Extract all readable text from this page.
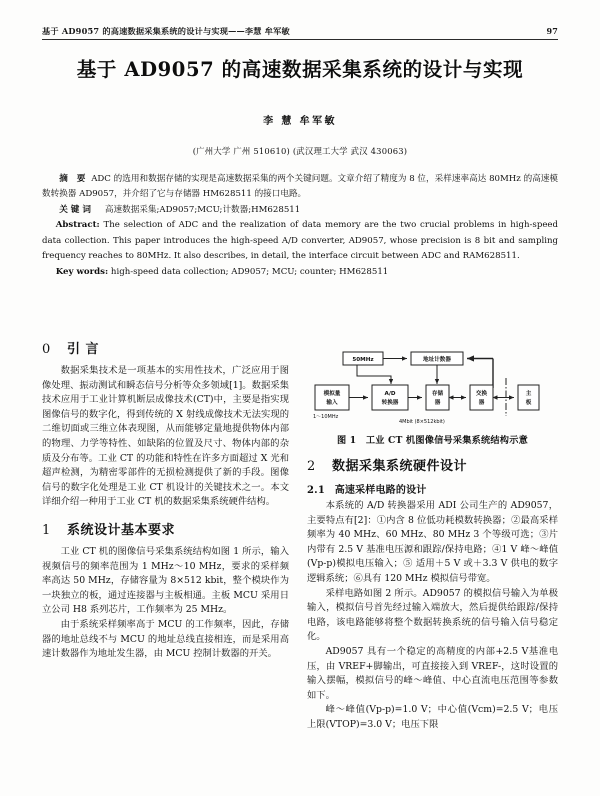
基于 AD9057 的高速数据采集系统的设计与实现——李慧 牟军敏	97
基于 AD9057 的高速数据采集系统的设计与实现
李 慧 牟军敏
(广州大学 广州 510610) (武汉理工大学 武汉 430063)

摘 要 ADC 的选用和数据存储的实现是高速数据采集的两个关键问题。文章介绍了精度为 8 位，采样速率高达 80MHz 的高速模数转换器 AD9057，并介绍了它与存储器 HM628511 的接口电路。

关键词 高速数据采集;AD9057;MCU;计数器;HM628511

Abstract: The selection of ADC and the realization of data memory are the two crucial problems in high-speed data collection. This paper introduces the high-speed A/D converter, AD9057, whose precision is 8 bit and sampling frequency reaches to 80MHz. It also describes, in detail, the interface circuit between ADC and RAM628511.

Key words: high-speed data collection; AD9057; MCU; counter; HM628511

0 引 言

数据采集技术是一项基本的实用性技术，广泛应用于图像处理、振动测试和瞬态信号分析等众多领域[1]。数据采集技术应用于工业计算机断层成像技术(CT)中，主要是指实现图像信号的数字化，得到传统的 X 射线成像技术无法实现的二维切面或三维立体表现图，从而能够定量地提供物体内部的物理、力学等特性、如缺陷的位置及尺寸、物体内部的杂质及分布等。工业 CT 的功能和特性在许多方面超过 X 光和超声检测，为精密零部件的无损检测提供了新的手段。图像信号的数字化处理是工业 CT 机设计的关键技术之一。本文详细介绍一种用于工业 CT 机的数据采集系统硬件结构。

1 系统设计基本要求

工业 CT 机的图像信号采集系统结构如图 1 所示，输入视频信号的频率范围为 1 MHz～10 MHz，要求的采样频率高达 50 MHz，存储容量为 8×512 kbit，整个模块作为一块独立的板，通过连接器与主板相通。主板 MCU 采用日立公司 H8 系列芯片，工作频率为 25 MHz。

由于系统采样频率高于 MCU 的工作频率，因此，存储器的地址总线不与 MCU 的地址总线直接相连，而是采用高速计数器作为地址发生器，由 MCU 控制计数器的开关。

50MHz	地址计数器
模拟量
输入
A/D
转换器
存储
器
交换
器
主
板
1～10MHz
4Mbit (8×512kbit)
图 1 工业 CT 机图像信号采集系统结构示意
2 数据采集系统硬件设计
2.1 高速采样电路的设计

本系统的 A/D 转换器采用 ADI 公司生产的 AD9057，主要特点有[2]：①内含 8 位低功耗模数转换器；②最高采样频率为 40 MHz、60 MHz、80 MHz 3 个等级可选；③片内带有 2.5 V 基准电压源和跟踪/保持电路；④1 V 峰～峰值(Vp-p)模拟电压输入；⑤ 适用＋5 V 或＋3.3 V 供电的数字逻辑系统；⑥具有 120 MHz 模拟信号带宽。

采样电路如图 2 所示。AD9057 的模拟信号输入为单极输入，模拟信号首先经过输入端放大，然后提供给跟踪/保持电路，该电路能够将整个数据转换系统的信号输入信号稳定化。

AD9057 具有一个稳定的高精度的内部+2.5 V基准电压，由 VREF+脚输出，可直接接入到 VREF-，这时设置的输入摆幅，模拟信号的峰～峰值、中心直流电压范围等参数如下。

峰～峰值(Vp-p)=1.0 V；中心值(Vcm)=2.5 V；电压上限(VTOP)=3.0 V；电压下限
